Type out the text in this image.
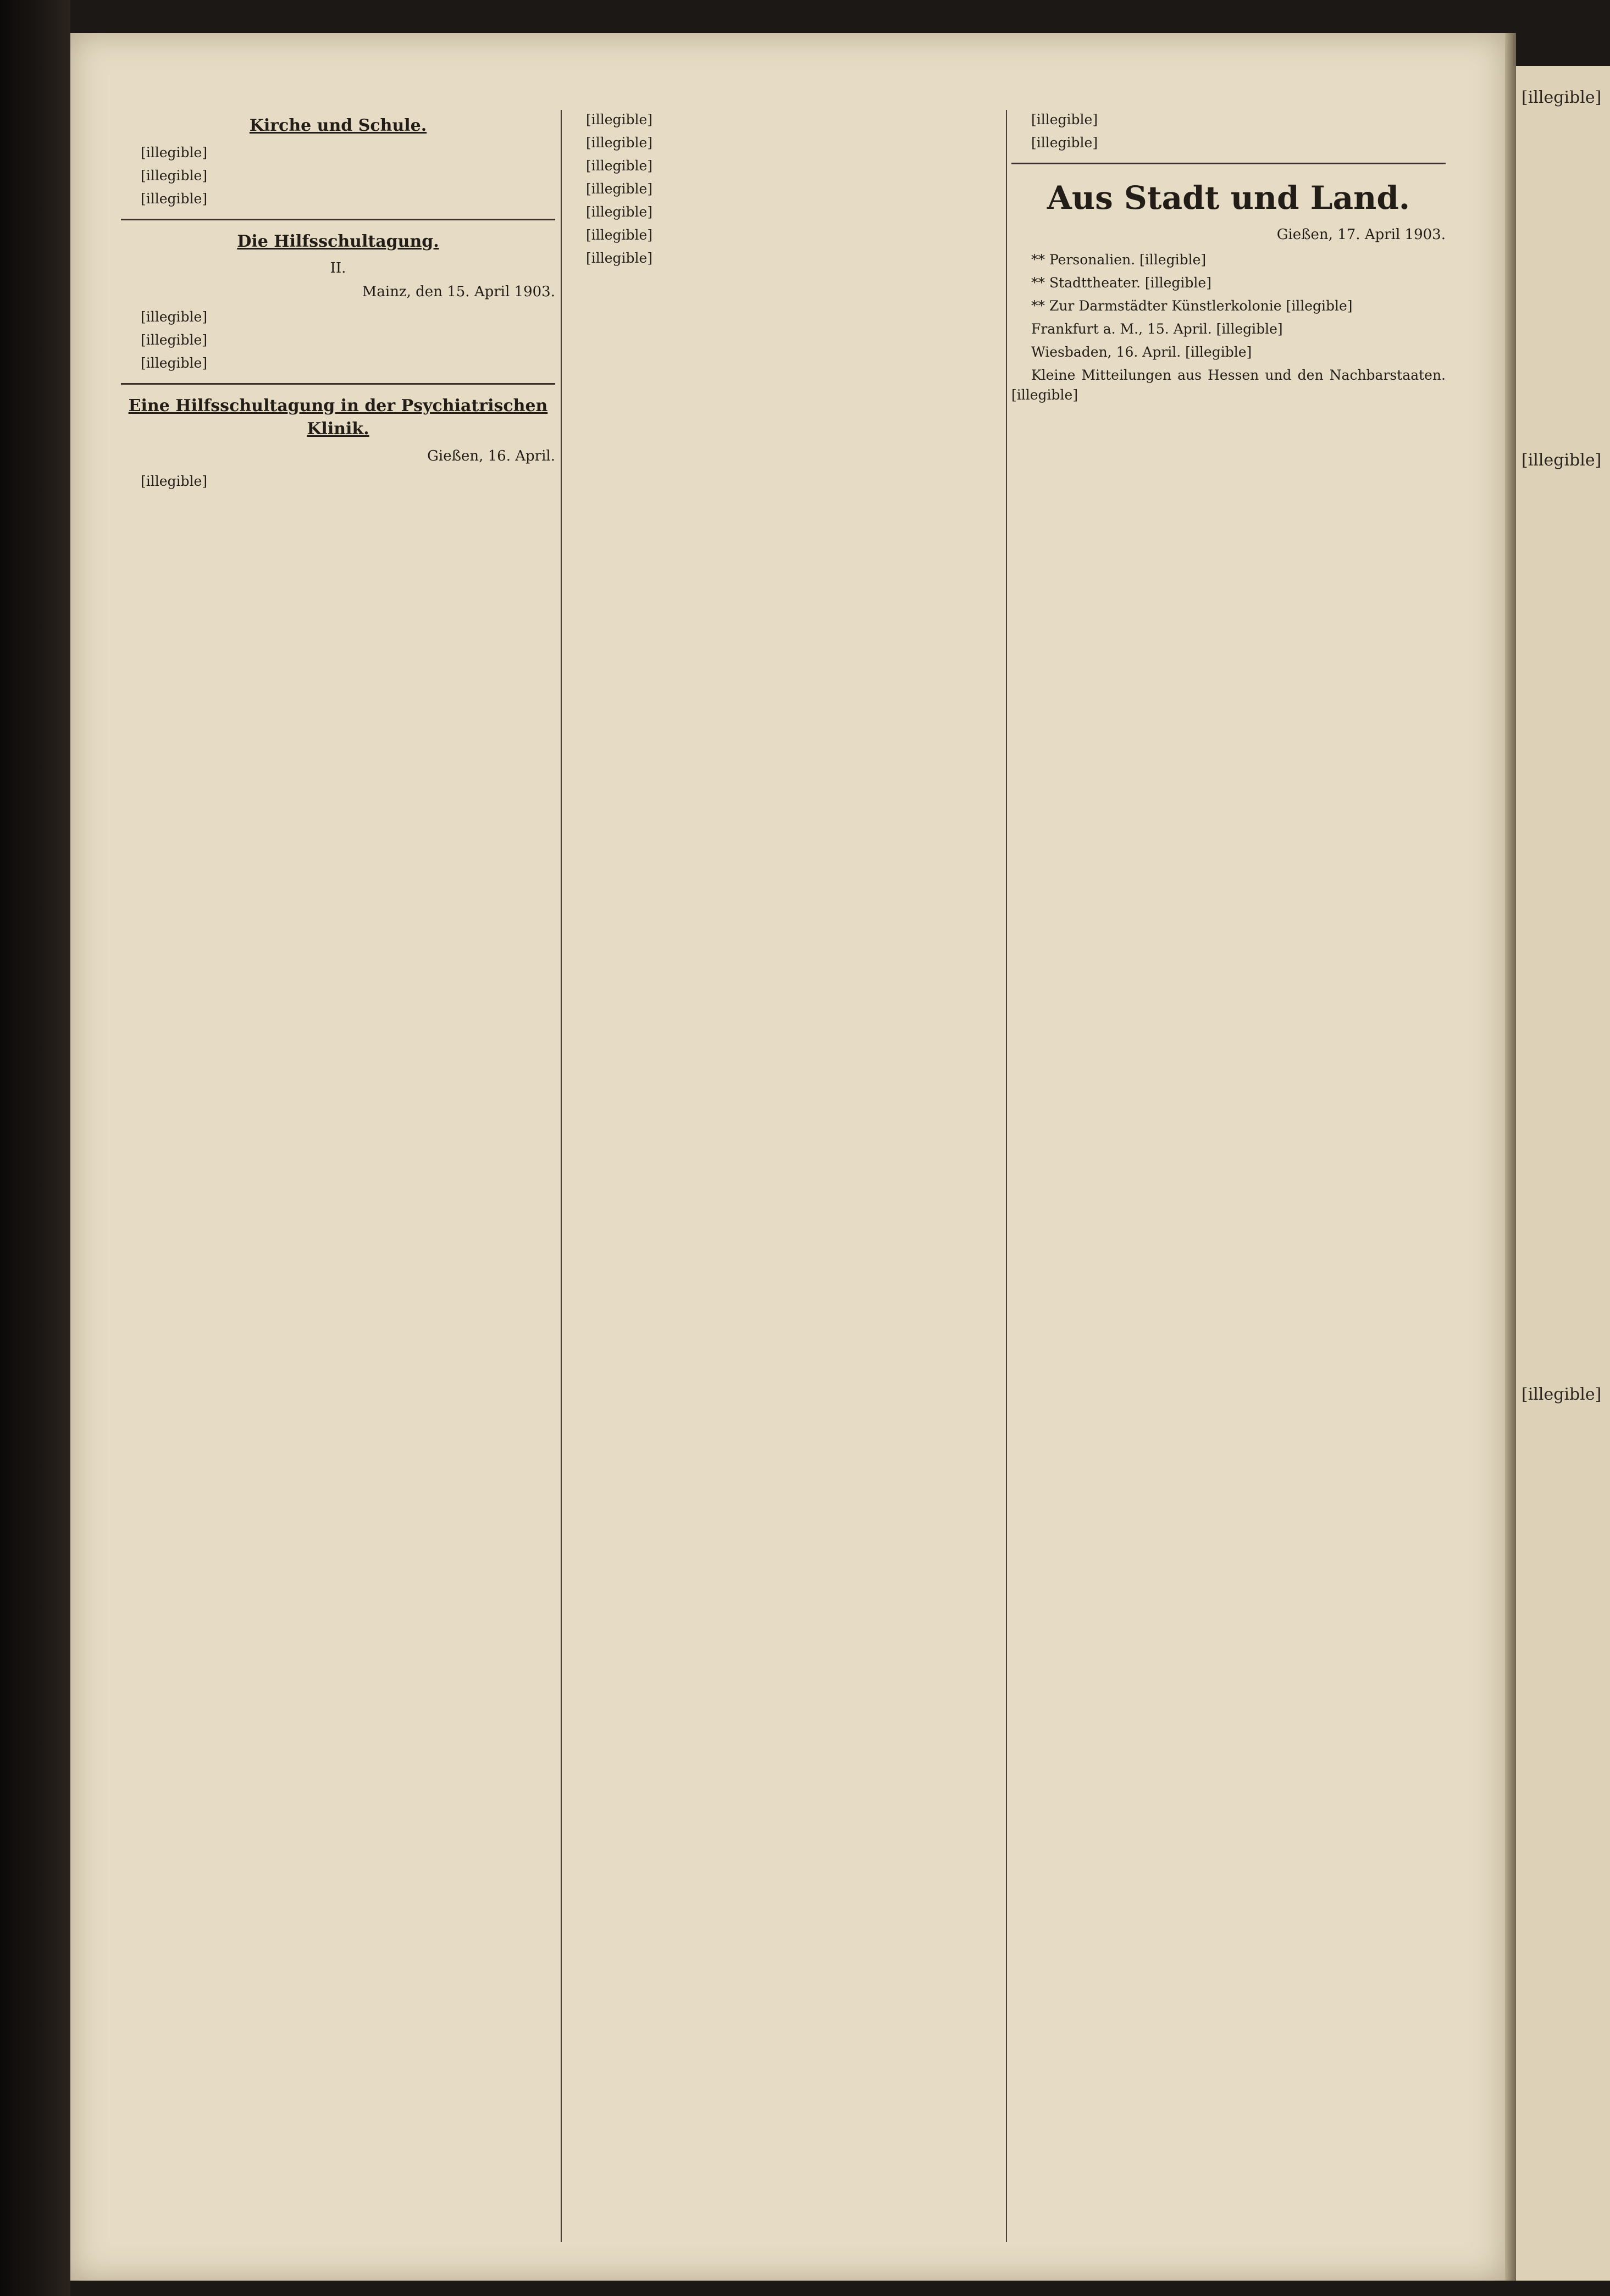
[illegible]
[illegible]
[illegible]
Kirche und Schule.
[illegible]
[illegible]
[illegible]
Die Hilfsschultagung.
II.
Mainz, den 15. April 1903.
[illegible]
[illegible]
[illegible]
Eine Hilfsschultagung in der Psychiatrischen Klinik.
Gießen, 16. April.
[illegible]
[illegible]
[illegible]
[illegible]
[illegible]
[illegible]
[illegible]
[illegible]
[illegible]
[illegible]
Aus Stadt und Land.
Gießen, 17. April 1903.
** Personalien. [illegible]
** Stadttheater. [illegible]
** Zur Darmstädter Künstlerkolonie [illegible]
Frankfurt a. M., 15. April. [illegible]
Wiesbaden, 16. April. [illegible]
Kleine Mitteilungen aus Hessen und den Nachbarstaaten. [illegible]
